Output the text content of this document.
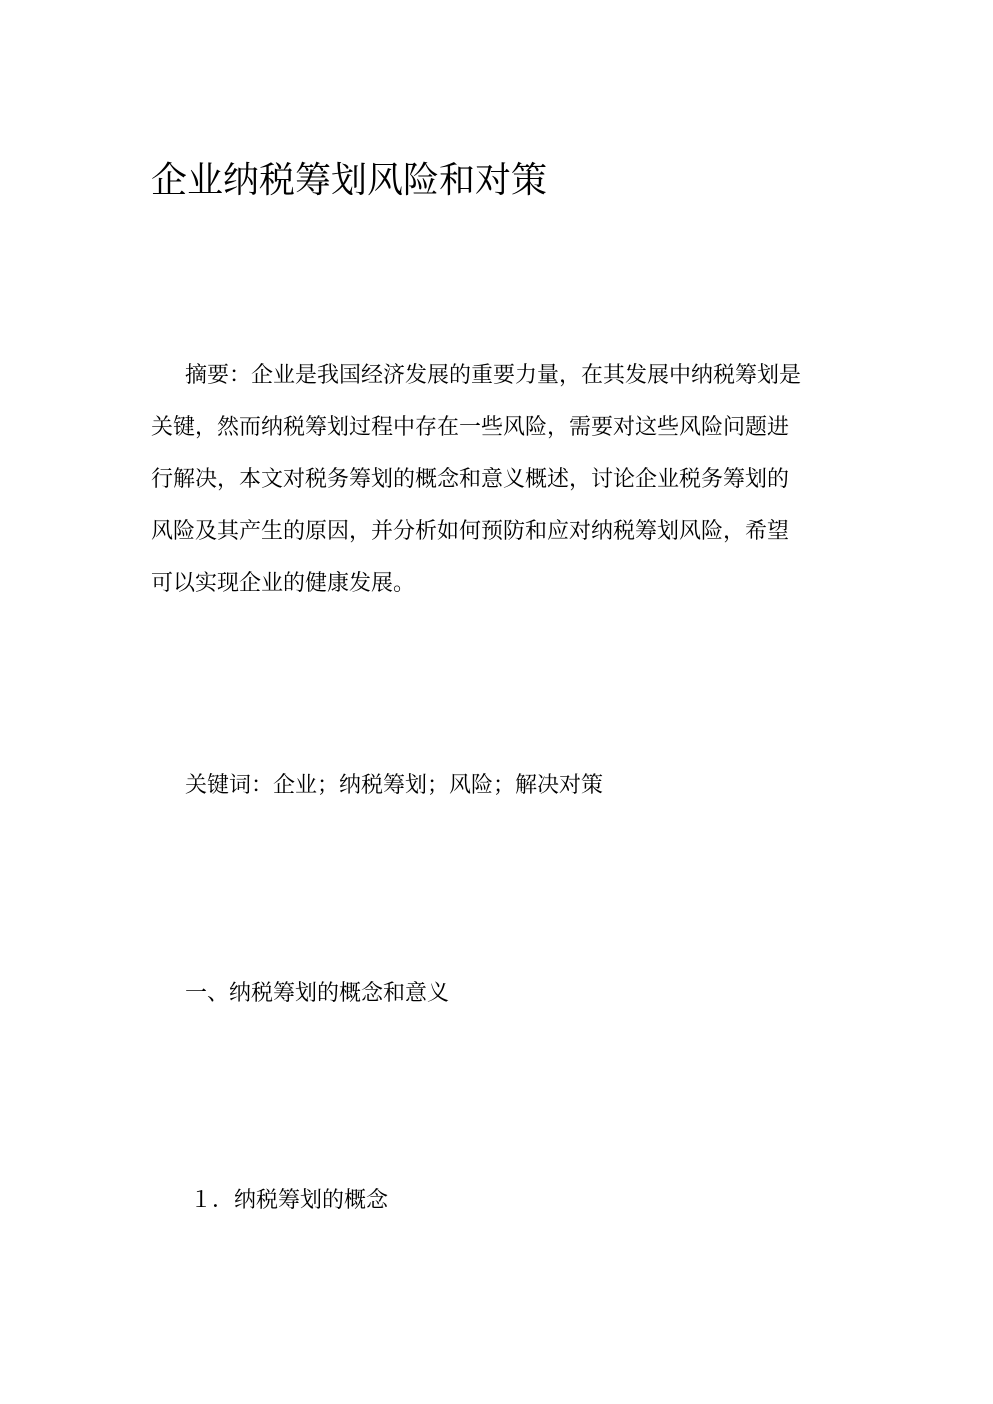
企业纳税筹划风险和对策
摘要：企业是我国经济发展的重要力量，在其发展中纳税筹划是
关键，然而纳税筹划过程中存在一些风险，需要对这些风险问题进
行解决，本文对税务筹划的概念和意义概述，讨论企业税务筹划的
风险及其产生的原因，并分析如何预防和应对纳税筹划风险，希望
可以实现企业的健康发展。
关键词：企业；纳税筹划；风险；解决对策
一、纳税筹划的概念和意义
１．纳税筹划的概念
